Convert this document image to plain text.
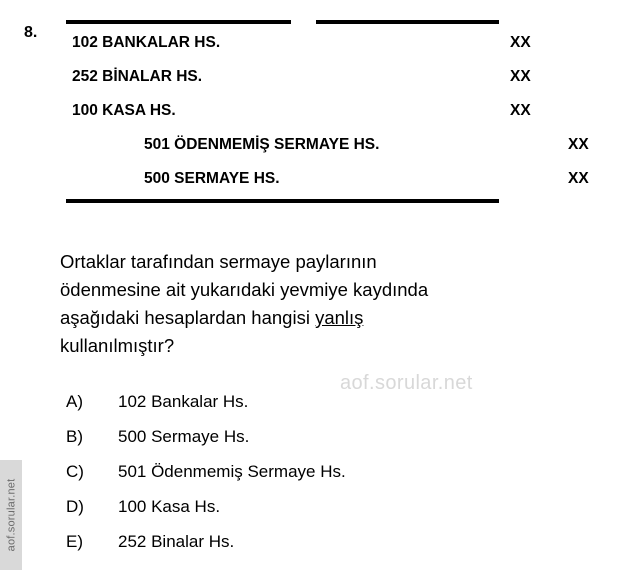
aof.sorular.net
aof.sorular.net
8.
102 BANKALAR HS.	XX
252 BİNALAR HS.	XX
100 KASA HS.	XX
501 ÖDENMEMİŞ SERMAYE HS.	XX
500 SERMAYE HS.	XX
Ortaklar tarafından sermaye paylarının
ödenmesine ait yukarıdaki yevmiye kaydında
aşağıdaki hesaplardan hangisi yanlış
kullanılmıştır?
A) 102 Bankalar Hs.
B) 500 Sermaye Hs.
C) 501 Ödenmemiş Sermaye Hs.
D) 100 Kasa Hs.
E) 252 Binalar Hs.
